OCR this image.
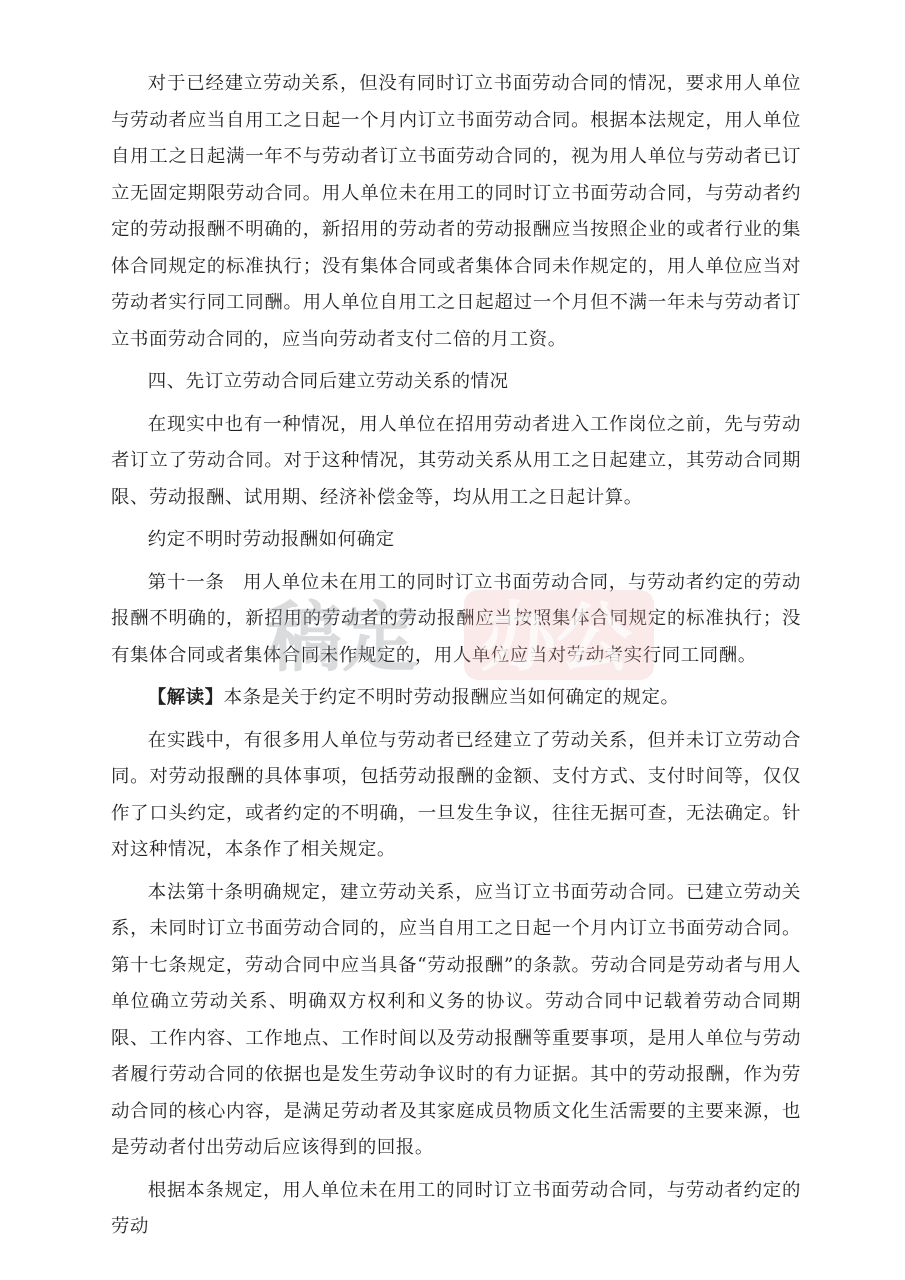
对于已经建立劳动关系，但没有同时订立书面劳动合同的情况，要求用人单位与劳动者应当自用工之日起一个月内订立书面劳动合同。根据本法规定，用人单位自用工之日起满一年不与劳动者订立书面劳动合同的，视为用人单位与劳动者已订立无固定期限劳动合同。用人单位未在用工的同时订立书面劳动合同，与劳动者约定的劳动报酬不明确的，新招用的劳动者的劳动报酬应当按照企业的或者行业的集体合同规定的标准执行；没有集体合同或者集体合同未作规定的，用人单位应当对劳动者实行同工同酬。用人单位自用工之日起超过一个月但不满一年未与劳动者订立书面劳动合同的，应当向劳动者支付二倍的月工资。

四、先订立劳动合同后建立劳动关系的情况

在现实中也有一种情况，用人单位在招用劳动者进入工作岗位之前，先与劳动者订立了劳动合同。对于这种情况，其劳动关系从用工之日起建立，其劳动合同期限、劳动报酬、试用期、经济补偿金等，均从用工之日起计算。

约定不明时劳动报酬如何确定

第十一条 用人单位未在用工的同时订立书面劳动合同，与劳动者约定的劳动报酬不明确的，新招用的劳动者的劳动报酬应当按照集体合同规定的标准执行；没有集体合同或者集体合同未作规定的，用人单位应当对劳动者实行同工同酬。

【解读】本条是关于约定不明时劳动报酬应当如何确定的规定。

在实践中，有很多用人单位与劳动者已经建立了劳动关系，但并未订立劳动合同。对劳动报酬的具体事项，包括劳动报酬的金额、支付方式、支付时间等，仅仅作了口头约定，或者约定的不明确，一旦发生争议，往往无据可查，无法确定。针对这种情况，本条作了相关规定。

本法第十条明确规定，建立劳动关系，应当订立书面劳动合同。已建立劳动关系，未同时订立书面劳动合同的，应当自用工之日起一个月内订立书面劳动合同。第十七条规定，劳动合同中应当具备“劳动报酬”的条款。劳动合同是劳动者与用人单位确立劳动关系、明确双方权利和义务的协议。劳动合同中记载着劳动合同期限、工作内容、工作地点、工作时间以及劳动报酬等重要事项，是用人单位与劳动者履行劳动合同的依据也是发生劳动争议时的有力证据。其中的劳动报酬，作为劳动合同的核心内容，是满足劳动者及其家庭成员物质文化生活需要的主要来源，也是劳动者付出劳动后应该得到的回报。

根据本条规定，用人单位未在用工的同时订立书面劳动合同，与劳动者约定的劳动

稿定 办公
